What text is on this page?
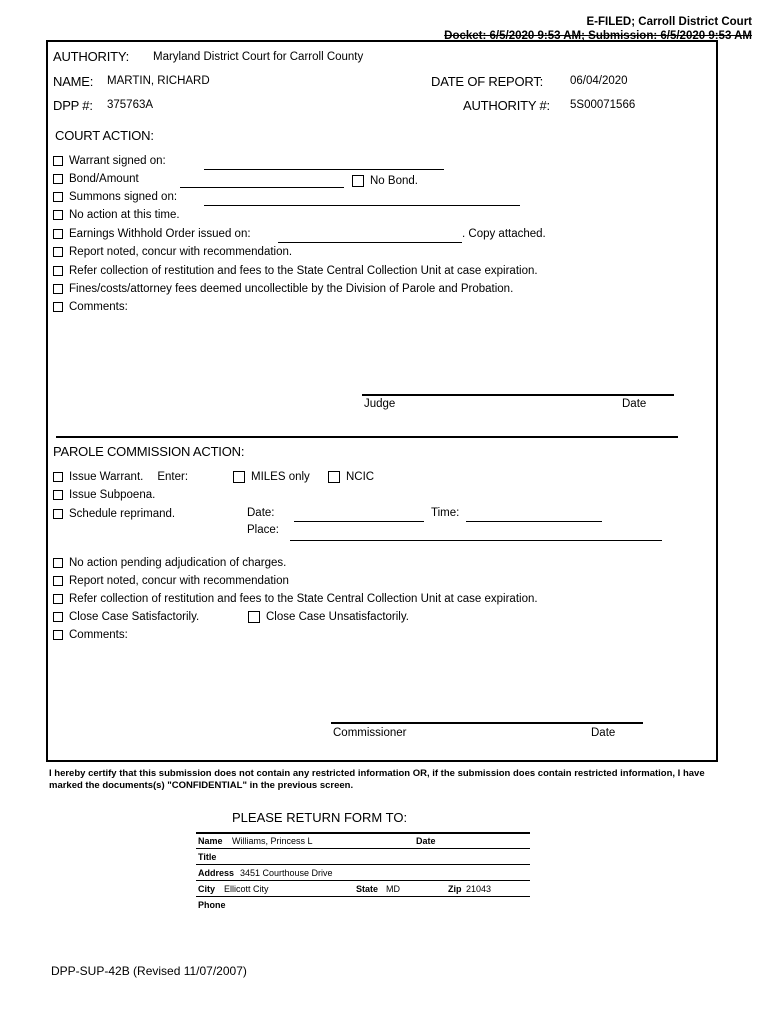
E-FILED; Carroll District Court
Docket: 6/5/2020 9:53 AM; Submission: 6/5/2020 9:53 AM
AUTHORITY: Maryland District Court for Carroll County
NAME: MARTIN, RICHARD	DATE OF REPORT: 06/04/2020
DPP #: 375763A	AUTHORITY #: 5S00071566
COURT ACTION:
Warrant signed on:
Bond/Amount	No Bond.
Summons signed on:
No action at this time.
Earnings Withhold Order issued on:	. Copy attached.
Report noted, concur with recommendation.
Refer collection of restitution and fees to the State Central Collection Unit at case expiration.
Fines/costs/attorney fees deemed uncollectible by the Division of Parole and Probation.
Comments:
Judge	Date
PAROLE COMMISSION ACTION:
Issue Warrant. Enter:	MILES only	NCIC
Issue Subpoena.
Schedule reprimand.	Date:	Time:
Place:
No action pending adjudication of charges.
Report noted, concur with recommendation
Refer collection of restitution and fees to the State Central Collection Unit at case expiration.
Close Case Satisfactorily.	Close Case Unsatisfactorily.
Comments:
Commissioner	Date
I hereby certify that this submission does not contain any restricted information OR, if the submission does contain restricted information, I have marked the documents(s) "CONFIDENTIAL" in the previous screen.
PLEASE RETURN FORM TO:
Name Williams, Princess L	Date
Title
Address 3451 Courthouse Drive
City Ellicott City	State MD	Zip 21043
Phone
DPP-SUP-42B (Revised 11/07/2007)
